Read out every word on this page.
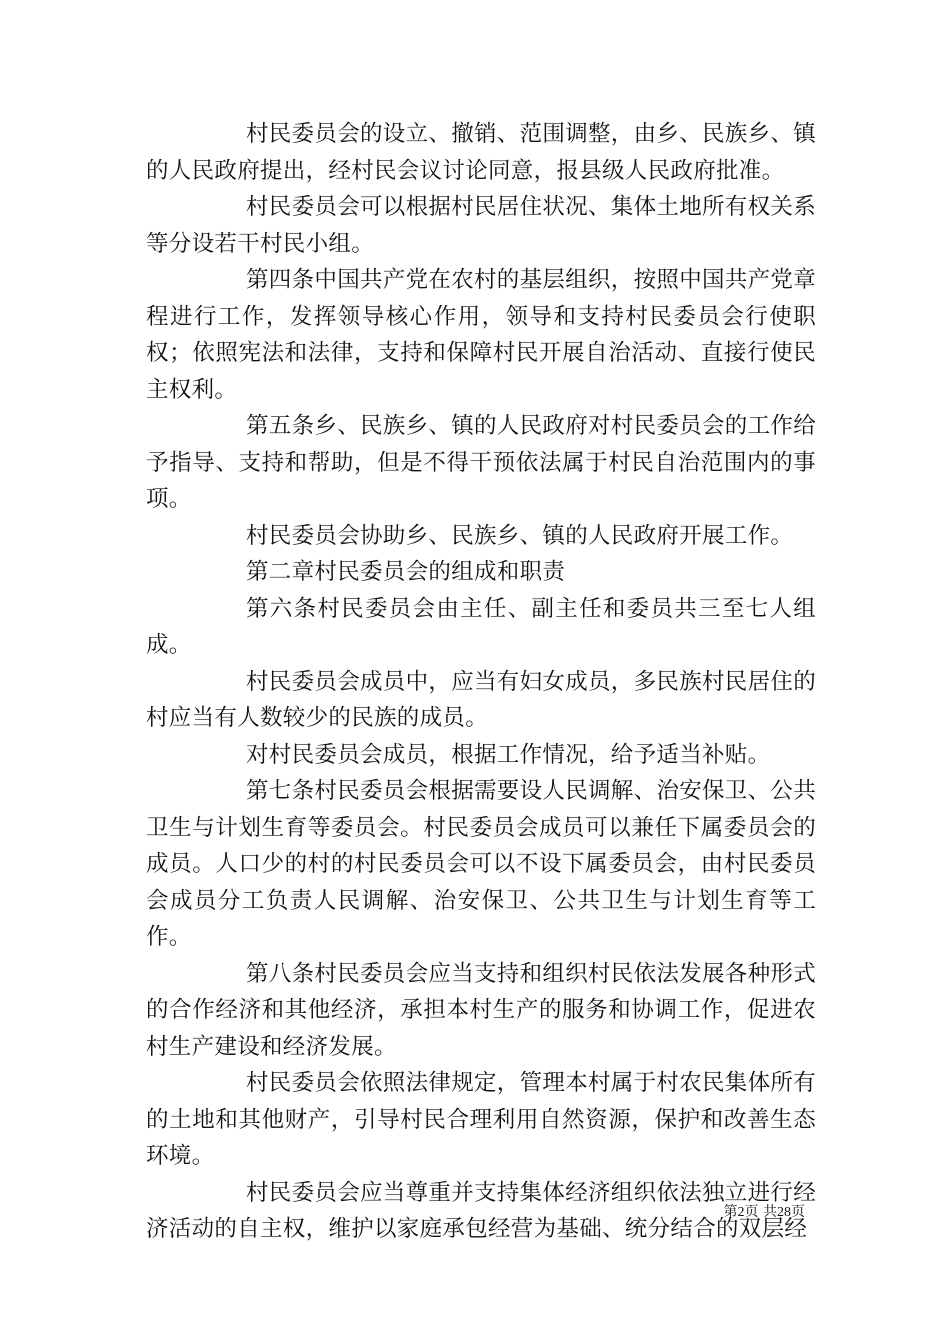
村民委员会的设立、撤销、范围调整，由乡、民族乡、镇的人民政府提出，经村民会议讨论同意，报县级人民政府批准。

村民委员会可以根据村民居住状况、集体土地所有权关系等分设若干村民小组。

第四条中国共产党在农村的基层组织，按照中国共产党章程进行工作，发挥领导核心作用，领导和支持村民委员会行使职权；依照宪法和法律，支持和保障村民开展自治活动、直接行使民主权利。

第五条乡、民族乡、镇的人民政府对村民委员会的工作给予指导、支持和帮助，但是不得干预依法属于村民自治范围内的事项。

村民委员会协助乡、民族乡、镇的人民政府开展工作。

第二章村民委员会的组成和职责

第六条村民委员会由主任、副主任和委员共三至七人组成。

村民委员会成员中，应当有妇女成员，多民族村民居住的村应当有人数较少的民族的成员。

对村民委员会成员，根据工作情况，给予适当补贴。

第七条村民委员会根据需要设人民调解、治安保卫、公共卫生与计划生育等委员会。村民委员会成员可以兼任下属委员会的成员。人口少的村的村民委员会可以不设下属委员会，由村民委员会成员分工负责人民调解、治安保卫、公共卫生与计划生育等工作。

第八条村民委员会应当支持和组织村民依法发展各种形式的合作经济和其他经济，承担本村生产的服务和协调工作，促进农村生产建设和经济发展。

村民委员会依照法律规定，管理本村属于村农民集体所有的土地和其他财产，引导村民合理利用自然资源，保护和改善生态环境。

村民委员会应当尊重并支持集体经济组织依法独立进行经济活动的自主权，维护以家庭承包经营为基础、统分结合的双层经

第2页 共28页
